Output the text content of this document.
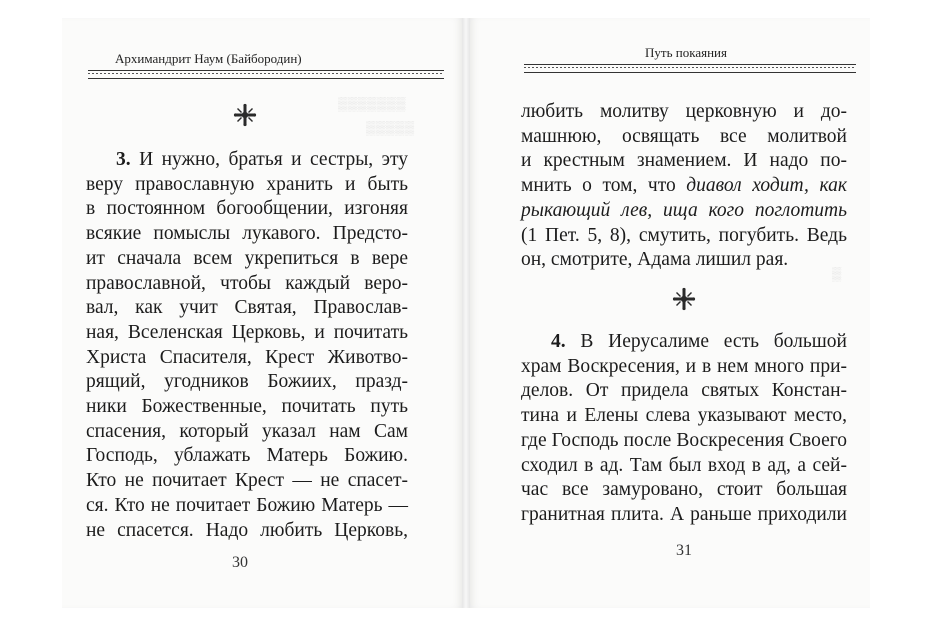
▒▒▒▒▒▒▒
▒▒▒▒▒
▒
Архимандрит Наум (Байбородин)
3. И нужно, братья и сестры, эту
веру православную хранить и быть
в постоянном богообщении, изгоняя
всякие помыслы лукавого. Предсто-
ит сначала всем укрепиться в вере
православной, чтобы каждый веро-
вал, как учит Святая, Православ-
ная, Вселенская Церковь, и почитать
Христа Спасителя, Крест Животво-
рящий, угодников Божиих, празд-
ники Божественные, почитать путь
спасения, который указал нам Сам
Господь, ублажать Матерь Божию.
Кто не почитает Крест — не спасет-
ся. Кто не почитает Божию Матерь —
не спасется. Надо любить Церковь,
30
Путь покаяния
любить молитву церковную и до-
машнюю, освящать все молитвой
и крестным знамением. И надо по-
мнить о том, что диавол ходит, как
рыкающий лев, ища кого поглотить
(1 Пет. 5, 8), смутить, погубить. Ведь
он, смотрите, Адама лишил рая.
4. В Иерусалиме есть большой
храм Воскресения, и в нем много при-
делов. От придела святых Констан-
тина и Елены слева указывают место,
где Господь после Воскресения Своего
сходил в ад. Там был вход в ад, а сей-
час все замуровано, стоит большая
гранитная плита. А раньше приходили
31
